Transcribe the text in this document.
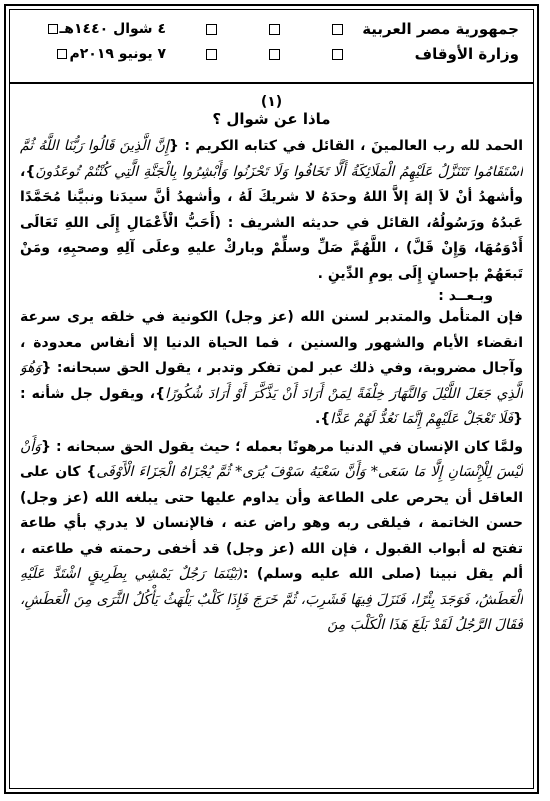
جمهورية مصر العربية
٤ شوال ١٤٤٠هـ
وزارة الأوقاف
٧ يونيو ٢٠١٩م
(١)
ماذا عن شوال ؟

الحمد لله رب العالمينَ ، القائل في كتابه الكريم : {إِنَّ الَّذِينَ قَالُوا رَبُّنَا اللَّهُ ثُمَّ اسْتَقَامُوا تَتَنَزَّلُ عَلَيْهِمُ الْمَلَائِكَةُ أَلَّا تَخَافُوا وَلَا تَحْزَنُوا وَأَبْشِرُوا بِالْجَنَّةِ الَّتِي كُنْتُمْ تُوعَدُونَ}، وأشهدُ أنْ لاَ إلهَ إلاَّ اللهُ وحدَهُ لا شريكَ لَهُ ، وأشهدُ أنَّ سيدَنا ونبيَّنا مُحَمَّدًا عَبدُهُ ورَسُولُهُ، القائل في حديثه الشريف : (أَحَبُّ الْأَعْمَالِ إِلَى اللهِ تَعَالَى أَدْوَمُهَا، وَإِنْ قَلَّ) ، اللَّهُمَّ صَلِّ وسلِّمْ وباركْ عليهِ وعلَى آلِهِ وصحبِهِ، ومَنْ تَبعَهُمْ بإحسانٍ إِلَى يومِ الدِّينِ .

وبـعــد :

فإن المتأمل والمتدبر لسنن الله (عز وجل) الكونية في خلقه يرى سرعة انقضاء الأيام والشهور والسنين ، فما الحياة الدنيا إلا أنفاس معدودة ، وآجال مضروبة، وفي ذلك عبر لمن تفكر وتدبر ، يقول الحق سبحانه: {وَهُوَ الَّذِي جَعَلَ اللَّيْلَ وَالنَّهَارَ خِلْفَةً لِمَنْ أَرَادَ أَنْ يَذَّكَّرَ أَوْ أَرَادَ شُكُورًا}، ويقول جل شأنه : {فَلَا تَعْجَلْ عَلَيْهِمْ إِنَّمَا نَعُدُّ لَهُمْ عَدًّا}.

ولمَّا كان الإنسان في الدنيا مرهونًا بعمله ؛ حيث يقول الحق سبحانه : {وَأَنْ لَيْسَ لِلْإِنْسَانِ إِلَّا مَا سَعَى* وَأَنَّ سَعْيَهُ سَوْفَ يُرَى* ثُمَّ يُجْزَاهُ الْجَزَاءَ الْأَوْفَى} كان على العاقل أن يحرص على الطاعة وأن يداوم عليها حتى يبلغه الله (عز وجل) حسن الخاتمة ، فيلقى ربه وهو راض عنه ، فالإنسان لا يدري بأي طاعة تفتح له أبواب القبول ، فإن الله (عز وجل) قد أخفى رحمته في طاعته ، ألم يقل نبينا (صلى الله عليه وسلم) :(بَيْنَمَا رَجُلٌ يَمْشِي بِطَرِيقٍ اشْتَدَّ عَلَيْهِ الْعَطَشُ، فَوَجَدَ بِئْرًا، فَنَزَلَ فِيهَا فَشَرِبَ، ثُمَّ خَرَجَ فَإِذَا كَلْبٌ يَلْهَثُ يَأْكُلُ الثَّرَى مِنَ الْعَطَشِ، فَقَالَ الرَّجُلُ لَقَدْ بَلَغَ هَذَا الْكَلْبَ مِنَ
